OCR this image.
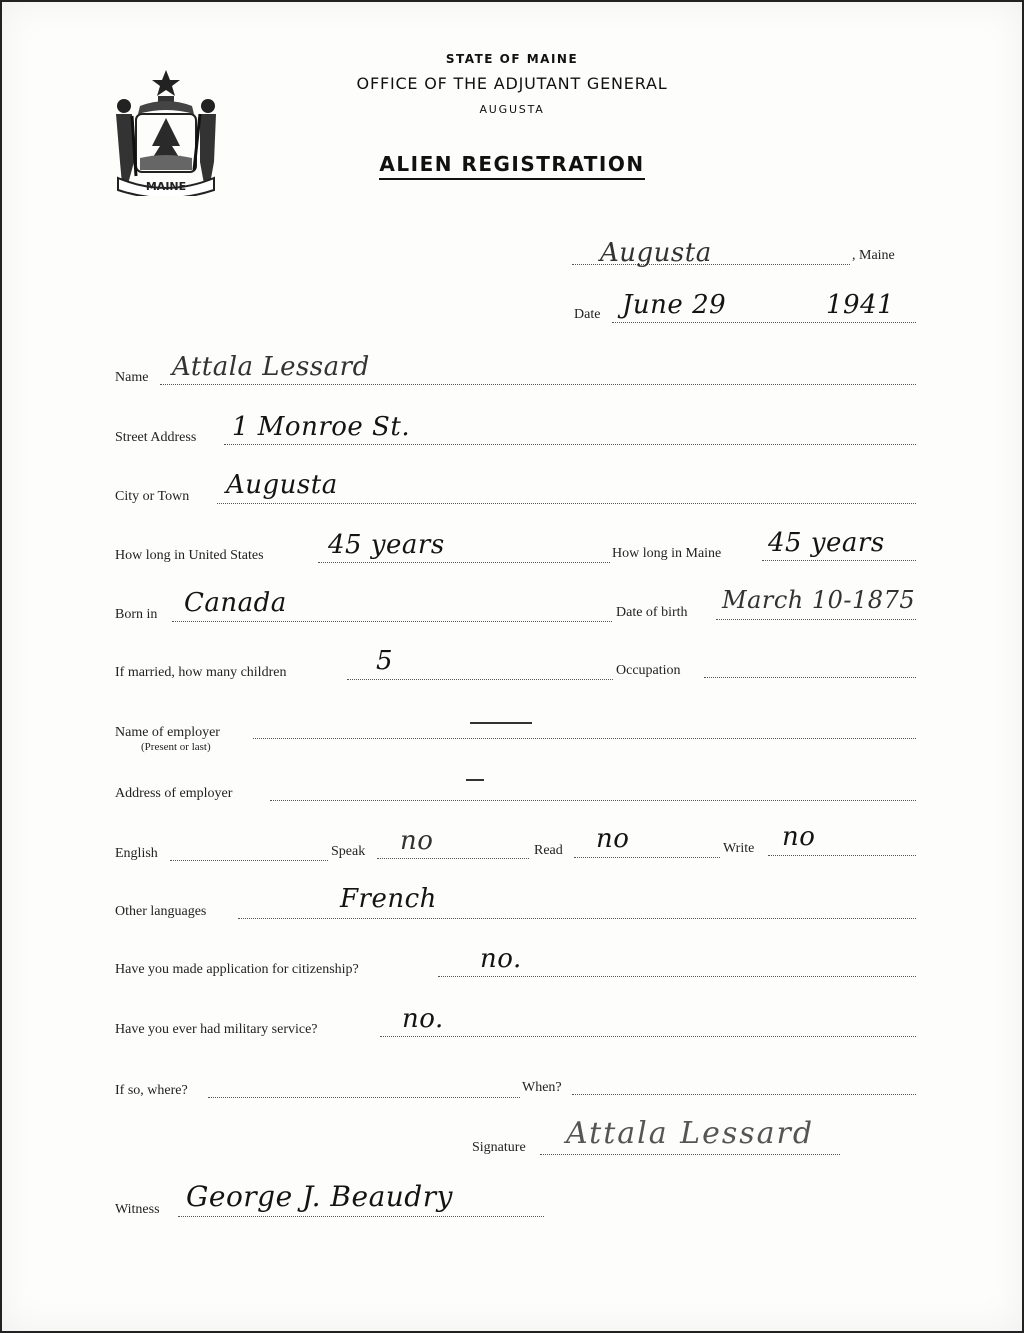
MAINE
STATE OF MAINE
OFFICE OF THE ADJUTANT GENERAL
AUGUSTA
ALIEN REGISTRATION
Augusta	, Maine
Date June 29	1941
Name Attala Lessard
Street Address 1 Monroe St.
City or Town Augusta
How long in United States 45 years	How long in Maine 45 years
Born in Canada	Date of birth March 10-1875
If married, how many children	5	Occupation
Name of employer
(Present or last)
Address of employer
English	Speak no	Read no	Write no
Other languages	French
Have you made application for citizenship?	no.
Have you ever had military service?	no.
If so, where?	When?
Signature Attala Lessard
Witness George J. Beaudry
